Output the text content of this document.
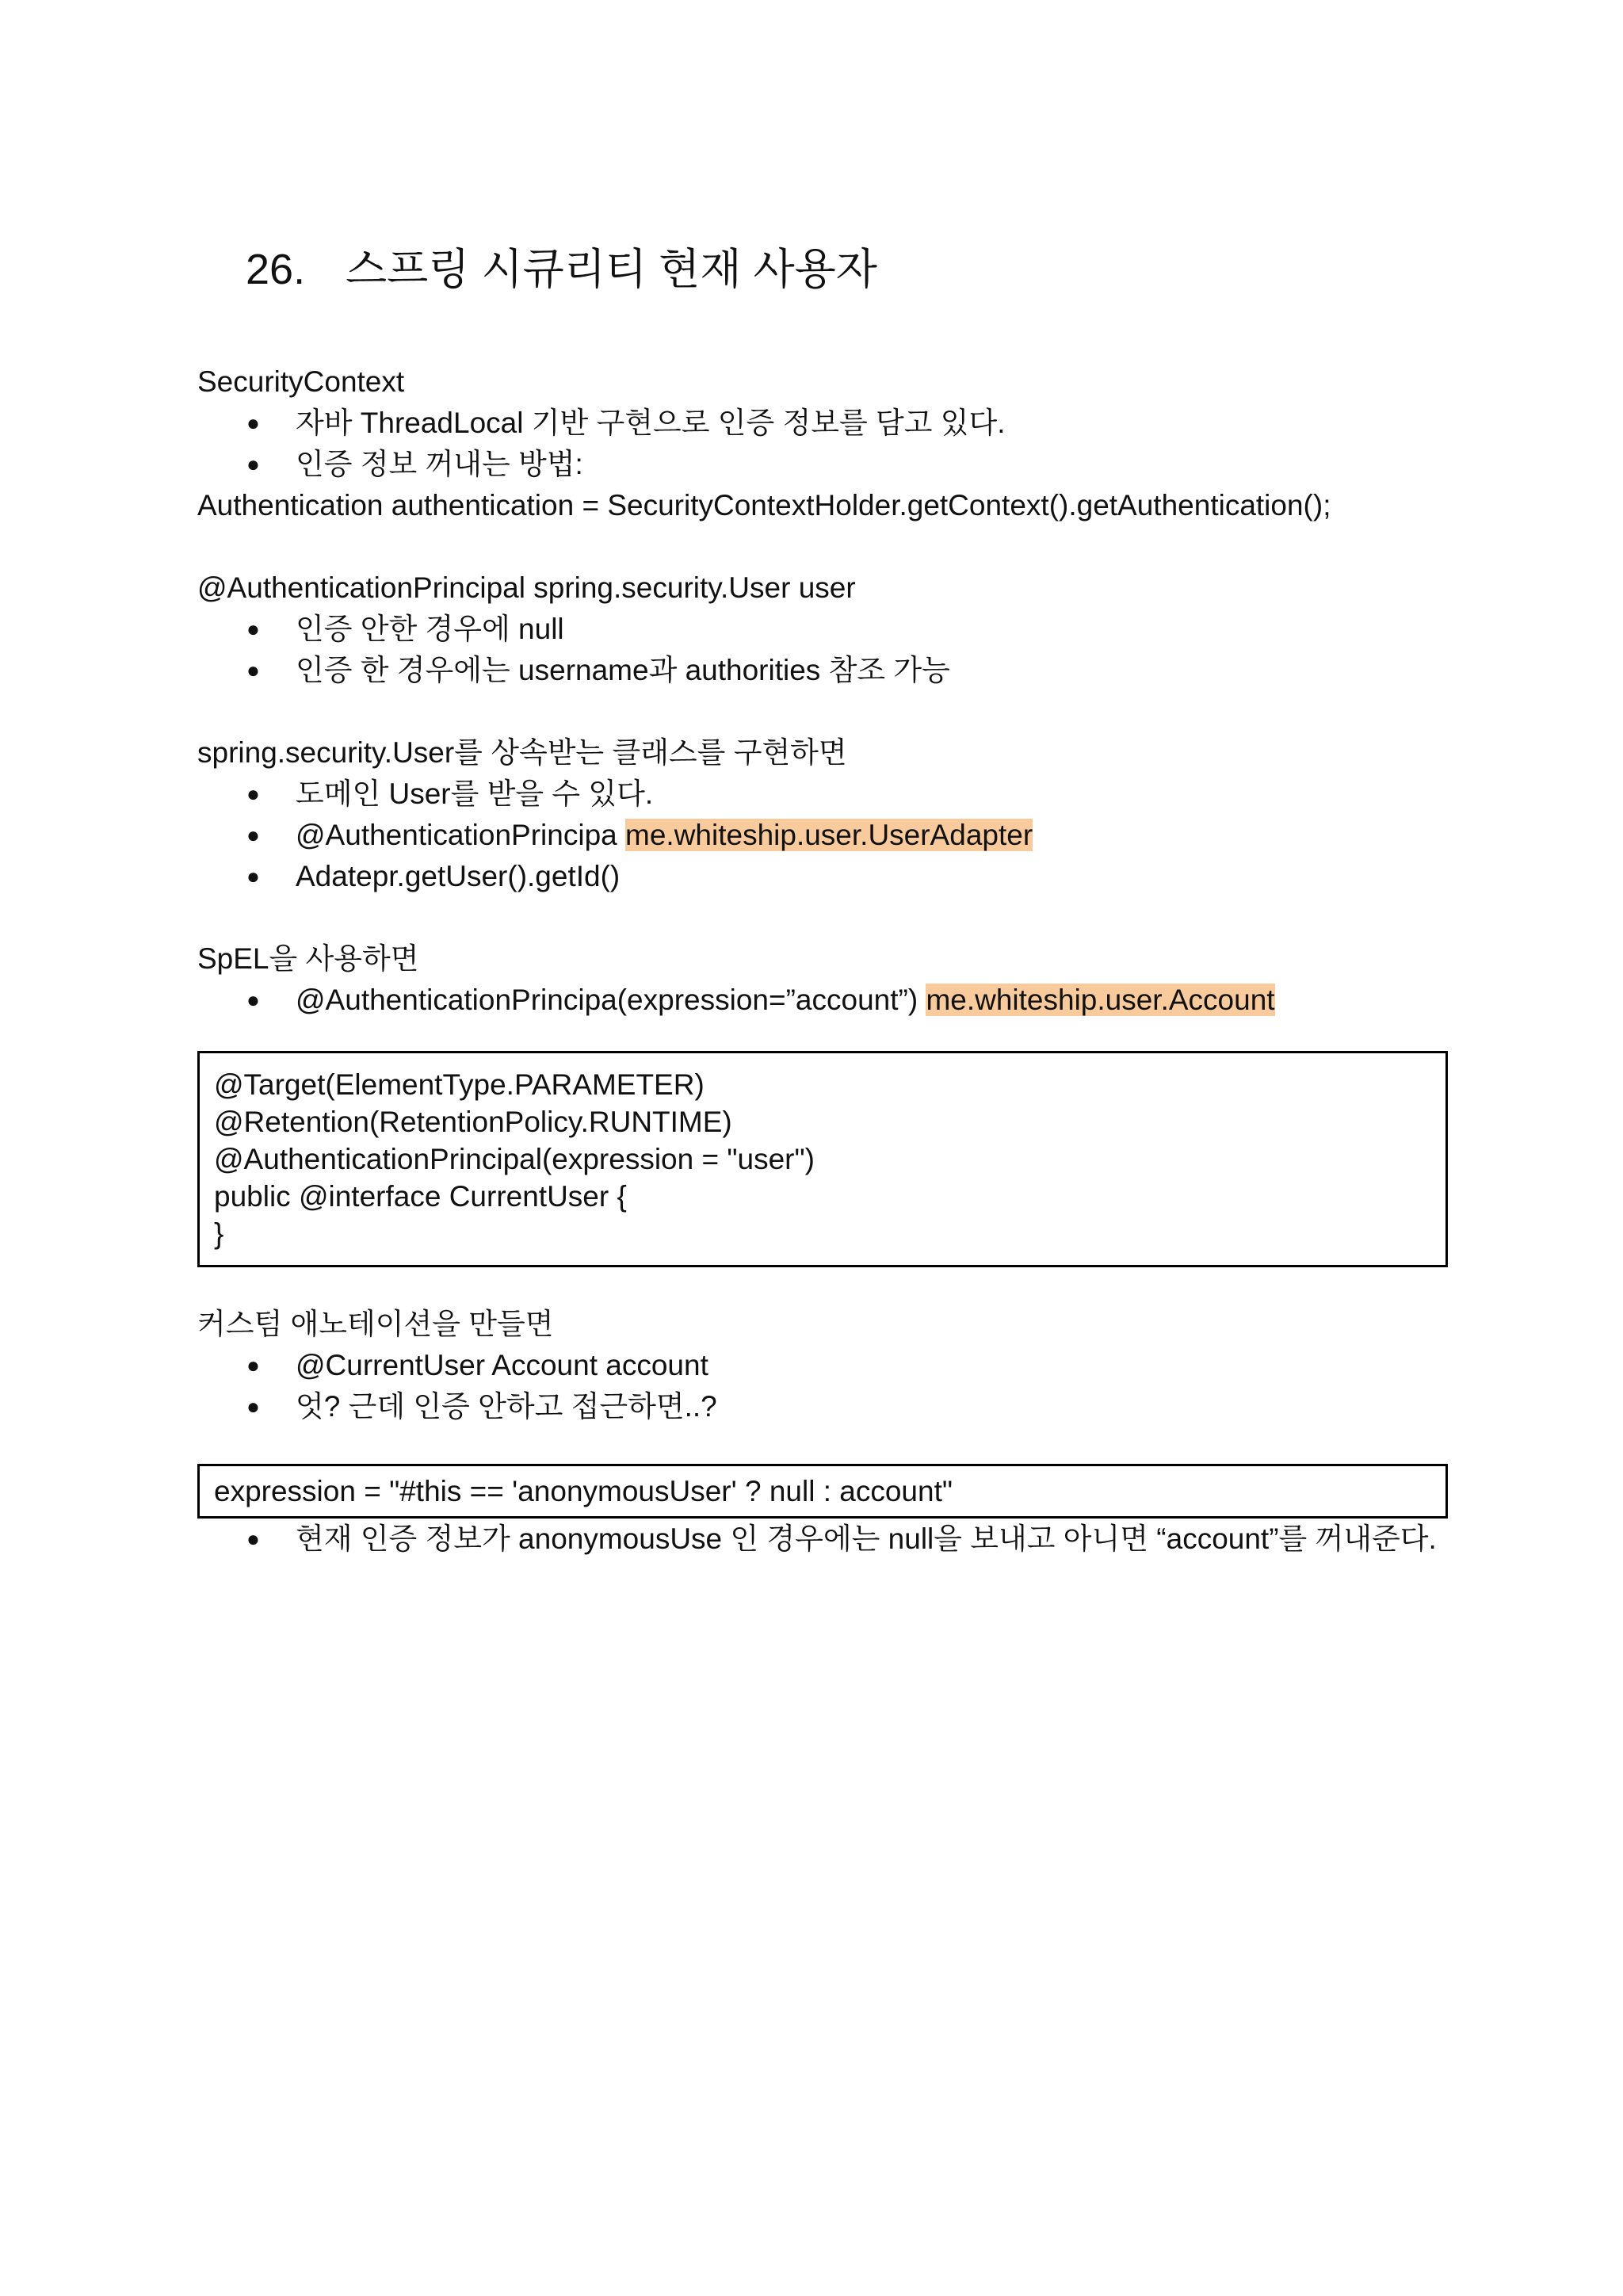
26. 스프링 시큐리티 현재 사용자

SecurityContext

● 자바 ThreadLocal 기반 구현으로 인증 정보를 담고 있다.
● 인증 정보 꺼내는 방법:

Authentication authentication = SecurityContextHolder.getContext().getAuthentication();

@AuthenticationPrincipal spring.security.User user

● 인증 안한 경우에 null
● 인증 한 경우에는 username과 authorities 참조 가능

spring.security.User를 상속받는 클래스를 구현하면

● 도메인 User를 받을 수 있다.
● @AuthenticationPrincipa me.whiteship.user.UserAdapter
● Adatepr.getUser().getId()

SpEL을 사용하면

● @AuthenticationPrincipa(expression=”account”) me.whiteship.user.Account

@Target(ElementType.PARAMETER)

@Retention(RetentionPolicy.RUNTIME)

@AuthenticationPrincipal(expression = "user")

public @interface CurrentUser {

}

커스텀 애노테이션을 만들면

● @CurrentUser Account account
● 엇? 근데 인증 안하고 접근하면..?

expression = "#this == 'anonymousUser' ? null : account"

● 현재 인증 정보가 anonymousUse 인 경우에는 null을 보내고 아니면 “account”를 꺼내준다.
